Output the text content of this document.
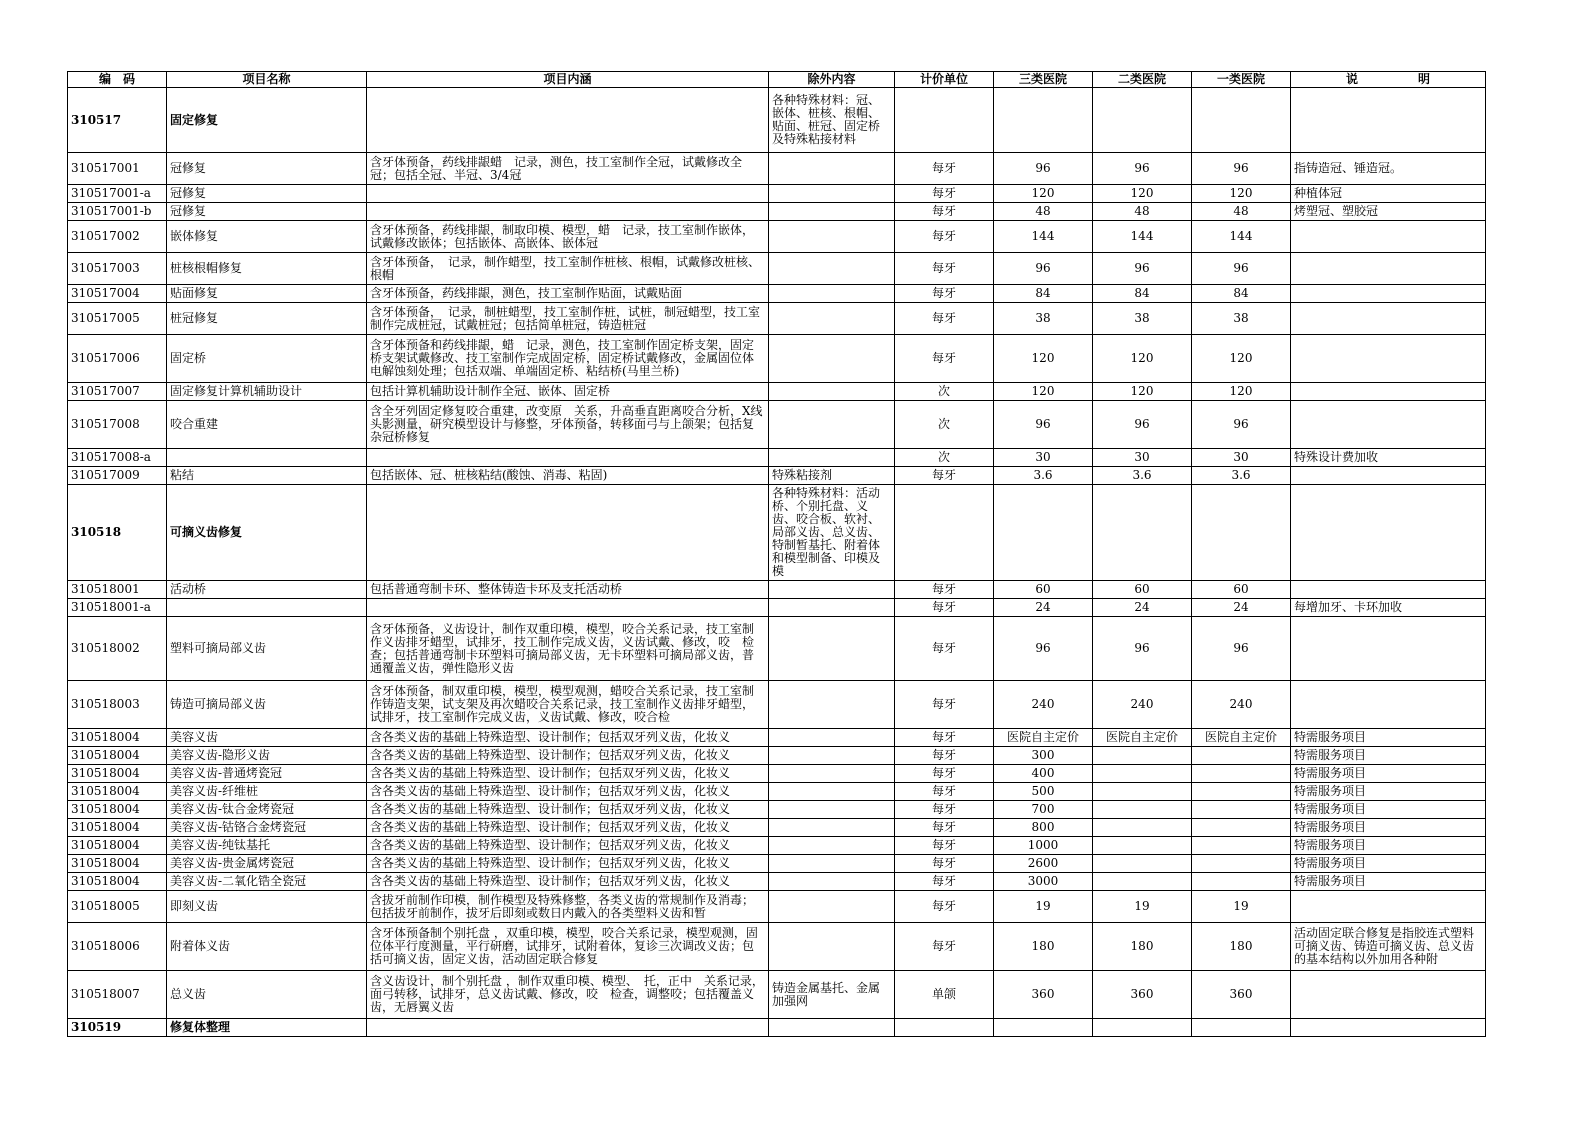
编　码	项目名称	项目内涵	除外内容	计价单位	三类医院	二类医院	一类医院	说　　　　　明
310517	固定修复		各种特殊材料：冠、嵌体、桩核、根帽、贴面、桩冠、固定桥及特殊粘接材料					
310517001	冠修复	含牙体预备，药线排龈蜡　记录，测色，技工室制作全冠，试戴修改全冠；包括全冠、半冠、3/4冠		每牙	96	96	96	指铸造冠、锤造冠。
310517001-a	冠修复			每牙	120	120	120	种植体冠
310517001-b	冠修复			每牙	48	48	48	烤塑冠、塑胶冠
310517002	嵌体修复	含牙体预备，药线排龈，制取印模、模型，蜡　记录，技工室制作嵌体，试戴修改嵌体；包括嵌体、高嵌体、嵌体冠		每牙	144	144	144	
310517003	桩核根帽修复	含牙体预备，　记录，制作蜡型，技工室制作桩核、根帽，试戴修改桩核、根帽		每牙	96	96	96	
310517004	贴面修复	含牙体预备，药线排龈，测色，技工室制作贴面，试戴贴面		每牙	84	84	84	
310517005	桩冠修复	含牙体预备，　记录，制桩蜡型，技工室制作桩，试桩，制冠蜡型，技工室制作完成桩冠，试戴桩冠；包括简单桩冠，铸造桩冠		每牙	38	38	38	
310517006	固定桥	含牙体预备和药线排龈，蜡　记录，测色，技工室制作固定桥支架，固定桥支架试戴修改、技工室制作完成固定桥，固定桥试戴修改，金属固位体电解蚀刻处理；包括双端、单端固定桥、粘结桥(马里兰桥)		每牙	120	120	120	
310517007	固定修复计算机辅助设计	包括计算机辅助设计制作全冠、嵌体、固定桥		次	120	120	120	
310517008	咬合重建	含全牙列固定修复咬合重建，改变原　关系，升高垂直距离咬合分析，X线头影测量，研究模型设计与修整，牙体预备，转移面弓与上颌架；包括复杂冠桥修复		次	96	96	96	
310517008-a				次	30	30	30	特殊设计费加收
310517009	粘结	包括嵌体、冠、桩核粘结(酸蚀、消毒、粘固)	特殊粘接剂	每牙	3.6	3.6	3.6	
310518	可摘义齿修复		各种特殊材料：活动桥、个别托盘、义齿、咬合板、软衬、局部义齿、总义齿、特制暂基托、附着体和模型制备、印模及模					
310518001	活动桥	包括普通弯制卡环、整体铸造卡环及支托活动桥		每牙	60	60	60	
310518001-a				每牙	24	24	24	每增加牙、卡环加收
310518002	塑料可摘局部义齿	含牙体预备，义齿设计，制作双重印模，模型，咬合关系记录，技工室制作义齿排牙蜡型，试排牙，技工制作完成义齿，义齿试戴、修改，咬　检查；包括普通弯制卡环塑料可摘局部义齿，无卡环塑料可摘局部义齿，普通覆盖义齿，弹性隐形义齿		每牙	96	96	96	
310518003	铸造可摘局部义齿	含牙体预备，制双重印模，模型，模型观测，蜡咬合关系记录，技工室制作铸造支架，试支架及再次蜡咬合关系记录，技工室制作义齿排牙蜡型，试排牙，技工室制作完成义齿，义齿试戴、修改，咬合检		每牙	240	240	240	
310518004	美容义齿	含各类义齿的基础上特殊造型、设计制作；包括双牙列义齿，化妆义		每牙	医院自主定价	医院自主定价	医院自主定价	特需服务项目
310518004	美容义齿-隐形义齿	含各类义齿的基础上特殊造型、设计制作；包括双牙列义齿，化妆义		每牙	300			特需服务项目
310518004	美容义齿-普通烤瓷冠	含各类义齿的基础上特殊造型、设计制作；包括双牙列义齿，化妆义		每牙	400			特需服务项目
310518004	美容义齿-纤维桩	含各类义齿的基础上特殊造型、设计制作；包括双牙列义齿，化妆义		每牙	500			特需服务项目
310518004	美容义齿-钛合金烤瓷冠	含各类义齿的基础上特殊造型、设计制作；包括双牙列义齿，化妆义		每牙	700			特需服务项目
310518004	美容义齿-钴铬合金烤瓷冠	含各类义齿的基础上特殊造型、设计制作；包括双牙列义齿，化妆义		每牙	800			特需服务项目
310518004	美容义齿-纯钛基托	含各类义齿的基础上特殊造型、设计制作；包括双牙列义齿，化妆义		每牙	1000			特需服务项目
310518004	美容义齿-贵金属烤瓷冠	含各类义齿的基础上特殊造型、设计制作；包括双牙列义齿，化妆义		每牙	2600			特需服务项目
310518004	美容义齿-二氧化锆全瓷冠	含各类义齿的基础上特殊造型、设计制作；包括双牙列义齿，化妆义		每牙	3000			特需服务项目
310518005	即刻义齿	含拔牙前制作印模，制作模型及特殊修整，各类义齿的常规制作及消毒；包括拔牙前制作，拔牙后即刻或数日内戴入的各类塑料义齿和暂		每牙	19	19	19	
310518006	附着体义齿	含牙体预备制个别托盘 ，双重印模，模型，咬合关系记录，模型观测，固位体平行度测量，平行研磨，试排牙，试附着体，复诊三次调改义齿；包括可摘义齿，固定义齿，活动固定联合修复		每牙	180	180	180	活动固定联合修复是指胶连式塑料可摘义齿、铸造可摘义齿、总义齿的基本结构以外加用各种附
310518007	总义齿	含义齿设计，制个别托盘 ，制作双重印模、模型、　托，正中　关系记录，面弓转移，试排牙，总义齿试戴、修改，咬　检查，调整咬；包括覆盖义齿，无唇翼义齿	铸造金属基托、金属加强网	单颌	360	360	360	
310519	修复体整理							
